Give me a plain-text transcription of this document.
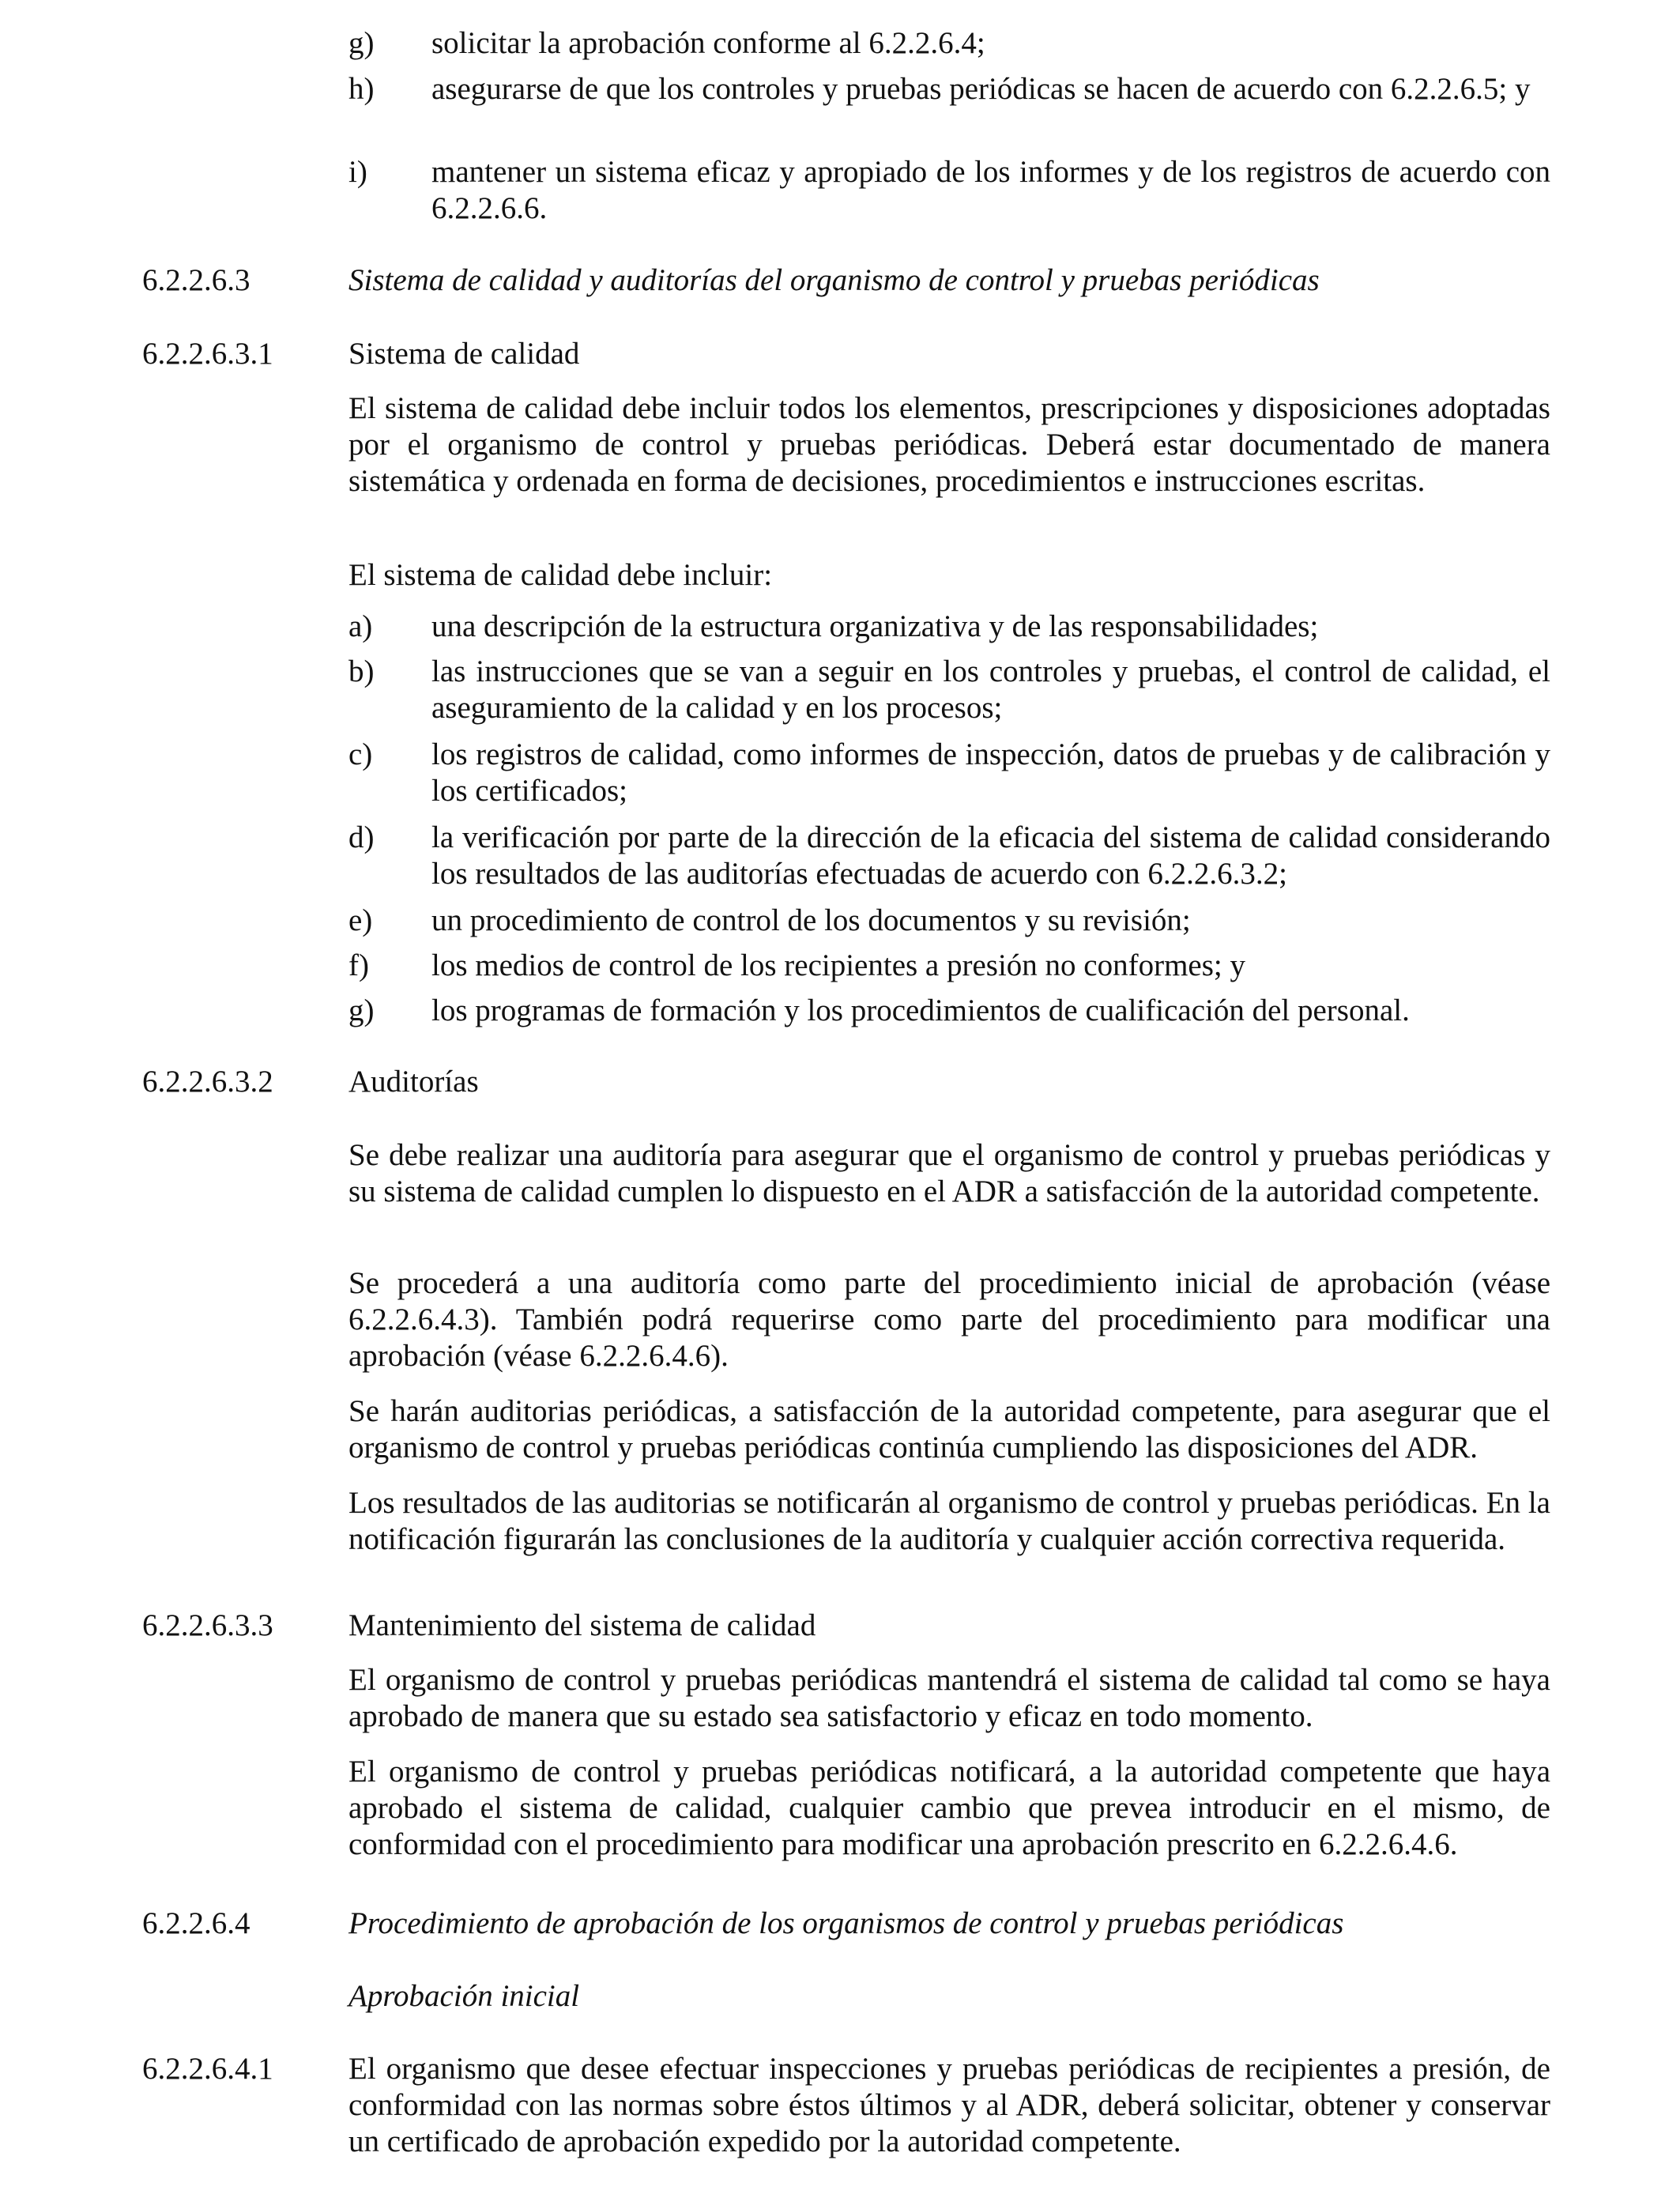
g) solicitar la aprobación conforme al 6.2.2.6.4;

h) asegurarse de que los controles y pruebas periódicas se hacen de acuerdo con 6.2.2.6.5; y

i) mantener un sistema eficaz y apropiado de los informes y de los registros de acuerdo con 6.2.2.6.6.

6.2.2.6.3	Sistema de calidad y auditorías del organismo de control y pruebas periódicas
6.2.2.6.3.1 Sistema de calidad

El sistema de calidad debe incluir todos los elementos, prescripciones y disposiciones adoptadas por el organismo de control y pruebas periódicas. Deberá estar documentado de manera sistemática y ordenada en forma de decisiones, procedimientos e instrucciones escritas.

El sistema de calidad debe incluir:

a) una descripción de la estructura organizativa y de las responsabilidades;

b) las instrucciones que se van a seguir en los controles y pruebas, el control de calidad, el aseguramiento de la calidad y en los procesos;

c) los registros de calidad, como informes de inspección, datos de pruebas y de calibración y los certificados;

d) la verificación por parte de la dirección de la eficacia del sistema de calidad considerando los resultados de las auditorías efectuadas de acuerdo con 6.2.2.6.3.2;

e) un procedimiento de control de los documentos y su revisión;

f) los medios de control de los recipientes a presión no conformes; y

g) los programas de formación y los procedimientos de cualificación del personal.

6.2.2.6.3.2 Auditorías

Se debe realizar una auditoría para asegurar que el organismo de control y pruebas periódicas y su sistema de calidad cumplen lo dispuesto en el ADR a satisfacción de la autoridad competente.

Se procederá a una auditoría como parte del procedimiento inicial de aprobación (véase 6.2.2.6.4.3). También podrá requerirse como parte del procedimiento para modificar una aprobación (véase 6.2.2.6.4.6).

Se harán auditorias periódicas, a satisfacción de la autoridad competente, para asegurar que el organismo de control y pruebas periódicas continúa cumpliendo las disposiciones del ADR.

Los resultados de las auditorias se notificarán al organismo de control y pruebas periódicas. En la notificación figurarán las conclusiones de la auditoría y cualquier acción correctiva requerida.

6.2.2.6.3.3 Mantenimiento del sistema de calidad

El organismo de control y pruebas periódicas mantendrá el sistema de calidad tal como se haya aprobado de manera que su estado sea satisfactorio y eficaz en todo momento.

El organismo de control y pruebas periódicas notificará, a la autoridad competente que haya aprobado el sistema de calidad, cualquier cambio que prevea introducir en el mismo, de conformidad con el procedimiento para modificar una aprobación prescrito en 6.2.2.6.4.6.

6.2.2.6.4	Procedimiento de aprobación de los organismos de control y pruebas periódicas
Aprobación inicial
6.2.2.6.4.1 El organismo que desee efectuar inspecciones y pruebas periódicas de recipientes a presión, de conformidad con las normas sobre éstos últimos y al ADR, deberá solicitar, obtener y conservar un certificado de aprobación expedido por la autoridad competente.
